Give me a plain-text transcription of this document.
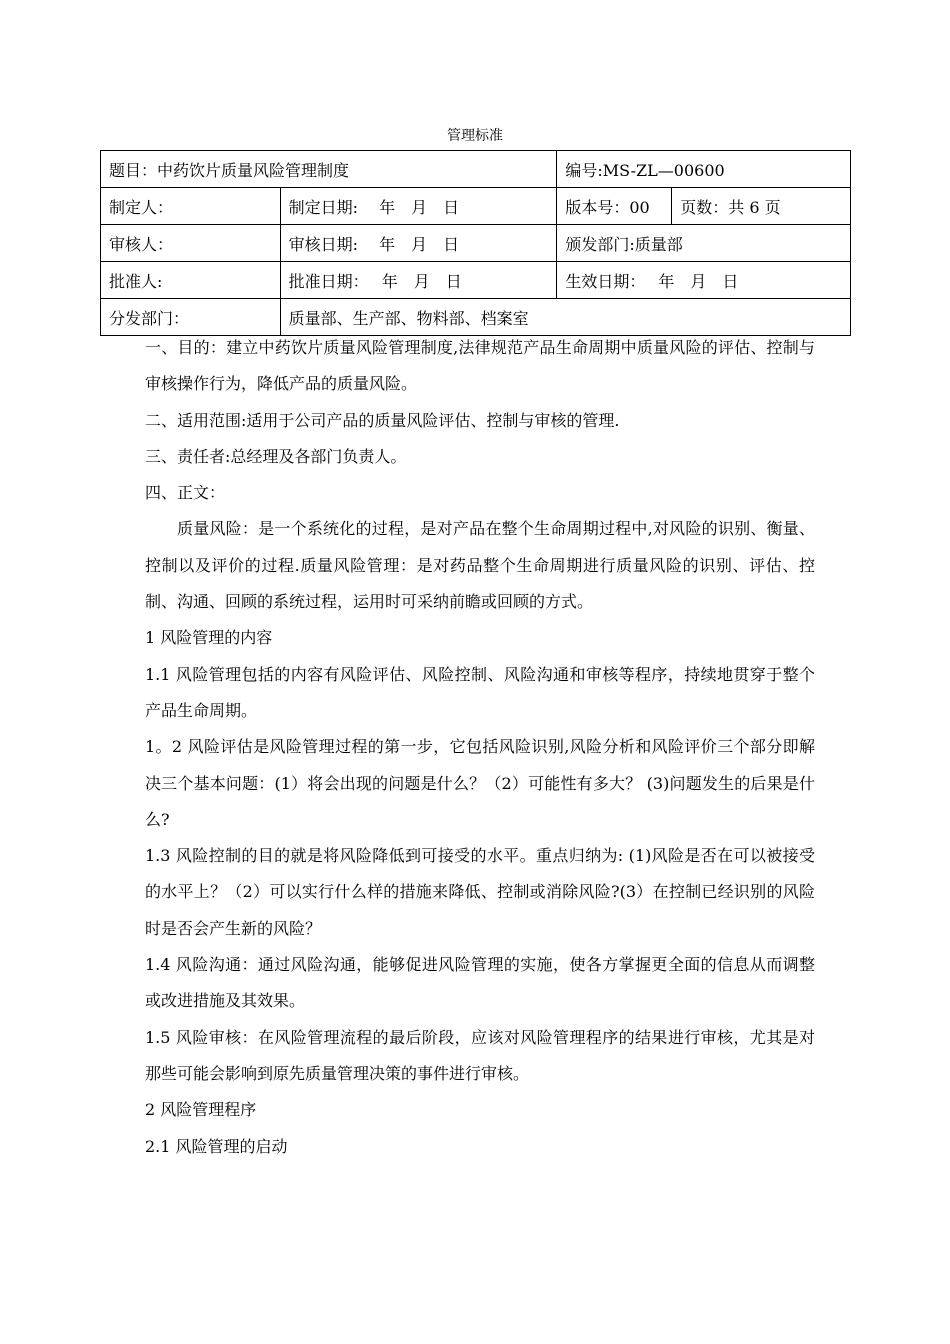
管理标准
题目：中药饮片质量风险管理制度		编号:MS-ZL—00600	
制定人：	制定日期:　 年　月　日	版本号：00	页数：共 6 页
审核人：	审核日期:　 年　月　日	颁发部门:质量部	
批准人:	批准日期：　 年　月　日	生效日期：　 年　月　日	
分发部门：	质量部、生产部、物料部、档案室		

一、目的：建立中药饮片质量风险管理制度,法律规范产品生命周期中质量风险的评估、控制与审核操作行为，降低产品的质量风险。

二、适用范围:适用于公司产品的质量风险评估、控制与审核的管理.

三、责任者:总经理及各部门负责人。

四、正文：

质量风险：是一个系统化的过程，是对产品在整个生命周期过程中,对风险的识别、衡量、控制以及评价的过程.质量风险管理：是对药品整个生命周期进行质量风险的识别、评估、控制、沟通、回顾的系统过程，运用时可采纳前瞻或回顾的方式。

1 风险管理的内容

1.1 风险管理包括的内容有风险评估、风险控制、风险沟通和审核等程序，持续地贯穿于整个产品生命周期。

1。2 风险评估是风险管理过程的第一步，它包括风险识别,风险分析和风险评价三个部分即解决三个基本问题：(1）将会出现的问题是什么？（2）可能性有多大？ (3)问题发生的后果是什么?

1.3 风险控制的目的就是将风险降低到可接受的水平。重点归纳为: (1)风险是否在可以被接受的水平上？（2）可以实行什么样的措施来降低、控制或消除风险?(3）在控制已经识别的风险时是否会产生新的风险？

1.4 风险沟通：通过风险沟通，能够促进风险管理的实施，使各方掌握更全面的信息从而调整或改进措施及其效果。

1.5 风险审核：在风险管理流程的最后阶段，应该对风险管理程序的结果进行审核，尤其是对那些可能会影响到原先质量管理决策的事件进行审核。

2 风险管理程序

2.1 风险管理的启动
